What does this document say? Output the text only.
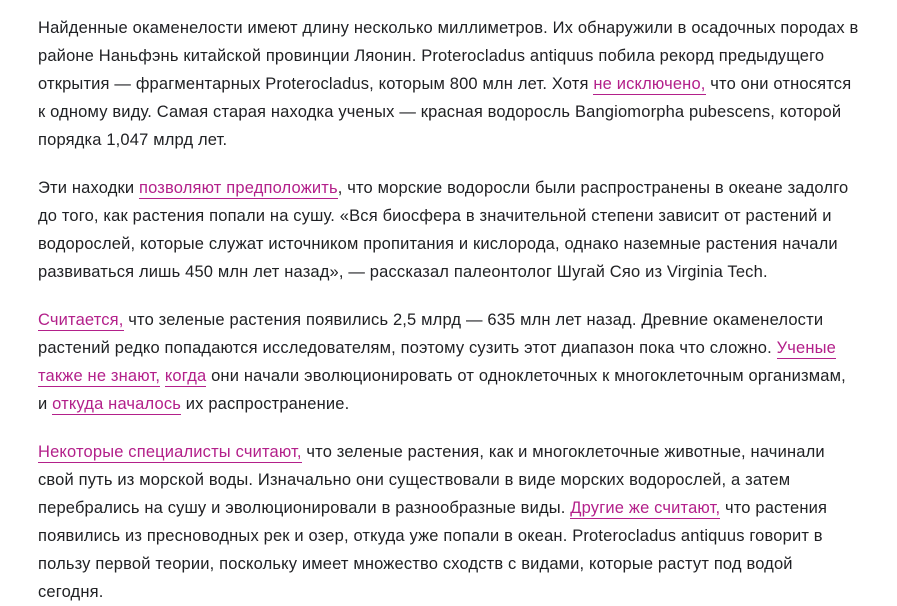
Найденные окаменелости имеют длину несколько миллиметров. Их обнаружили в осадочных породах в районе Наньфэнь китайской провинции Ляонин. Proterocladus antiquus побила рекорд предыдущего открытия — фрагментарных Proterocladus, которым 800 млн лет. Хотя не исключено, что они относятся к одному виду. Самая старая находка ученых — красная водоросль Bangiomorpha pubescens, которой порядка 1,047 млрд лет.

Эти находки позволяют предположить, что морские водоросли были распространены в океане задолго до того, как растения попали на сушу. «Вся биосфера в значительной степени зависит от растений и водорослей, которые служат источником пропитания и кислорода, однако наземные растения начали развиваться лишь 450 млн лет назад», — рассказал палеонтолог Шугай Сяо из Virginia Tech.

Считается, что зеленые растения появились 2,5 млрд — 635 млн лет назад. Древние окаменелости растений редко попадаются исследователям, поэтому сузить этот диапазон пока что сложно. Ученые также не знают, когда они начали эволюционировать от одноклеточных к многоклеточным организмам, и откуда началось их распространение.

Некоторые специалисты считают, что зеленые растения, как и многоклеточные животные, начинали свой путь из морской воды. Изначально они существовали в виде морских водорослей, а затем перебрались на сушу и эволюционировали в разнообразные виды. Другие же считают, что растения появились из пресноводных рек и озер, откуда уже попали в океан. Proterocladus antiquus говорит в пользу первой теории, поскольку имеет множество сходств с видами, которые растут под водой сегодня.
